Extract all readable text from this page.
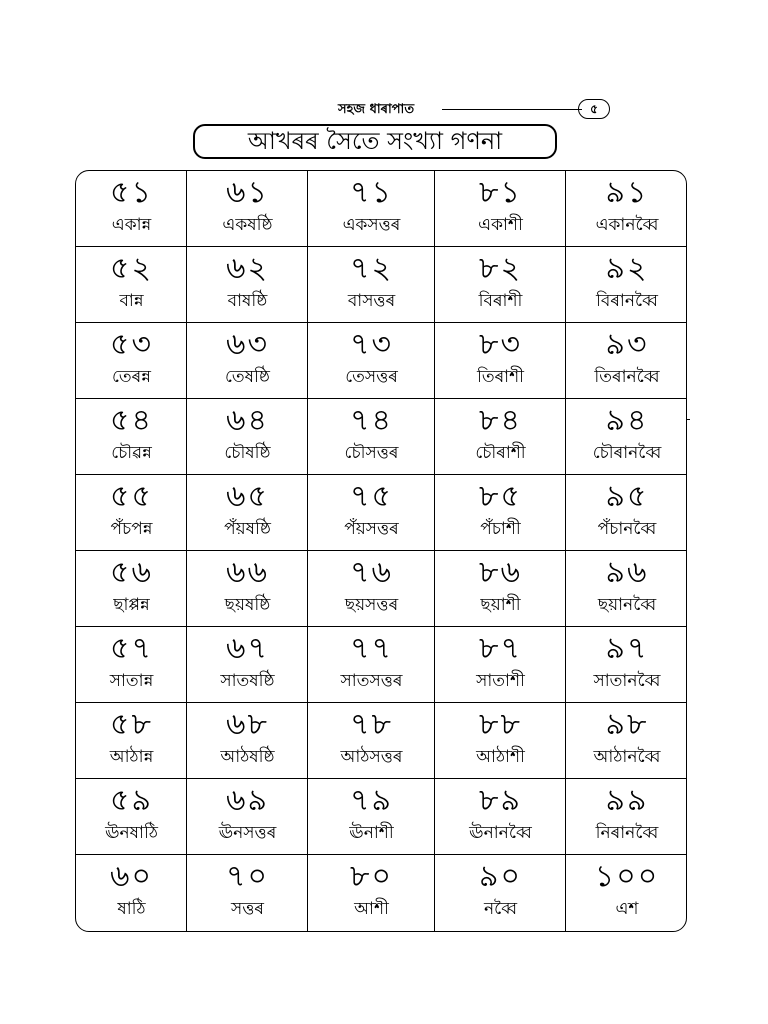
সহজ ধাৰাপাত	৫
আখৰৰ সৈতে সংখ্যা গণনা
৫১
একান্ন
৫২
বান্ন
৫৩
তেৰন্ন
৫৪
চৌৱন্ন
৫৫
পঁচপন্ন
৫৬
ছাপ্পন্ন
৫৭
সাতান্ন
৫৮
আঠান্ন
৫৯
ঊনষাঠি
৬০
ষাঠি
৬১
একষষ্ঠি
৬২
বাষষ্ঠি
৬৩
তেষষ্ঠি
৬৪
চৌষষ্ঠি
৬৫
পঁয়ষষ্ঠি
৬৬
ছয়ষষ্ঠি
৬৭
সাতষষ্ঠি
৬৮
আঠষষ্ঠি
৬৯
ঊনসত্তৰ
৭০
সত্তৰ
৭১
একসত্তৰ
৭২
বাসত্তৰ
৭৩
তেসত্তৰ
৭৪
চৌসত্তৰ
৭৫
পঁয়সত্তৰ
৭৬
ছয়সত্তৰ
৭৭
সাতসত্তৰ
৭৮
আঠসত্তৰ
৭৯
ঊনাশী
৮০
আশী
৮১
একাশী
৮২
বিৰাশী
৮৩
তিৰাশী
৮৪
চৌৰাশী
৮৫
পঁচাশী
৮৬
ছয়াশী
৮৭
সাতাশী
৮৮
আঠাশী
৮৯
ঊনানব্বৈ
৯০
নব্বৈ
৯১
একানব্বৈ
৯২
বিৰানব্বৈ
৯৩
তিৰানব্বৈ
৯৪
চৌৰানব্বৈ
৯৫
পঁচানব্বৈ
৯৬
ছয়ানব্বৈ
৯৭
সাতানব্বৈ
৯৮
আঠানব্বৈ
৯৯
নিৰানব্বৈ
১০০
এশ
